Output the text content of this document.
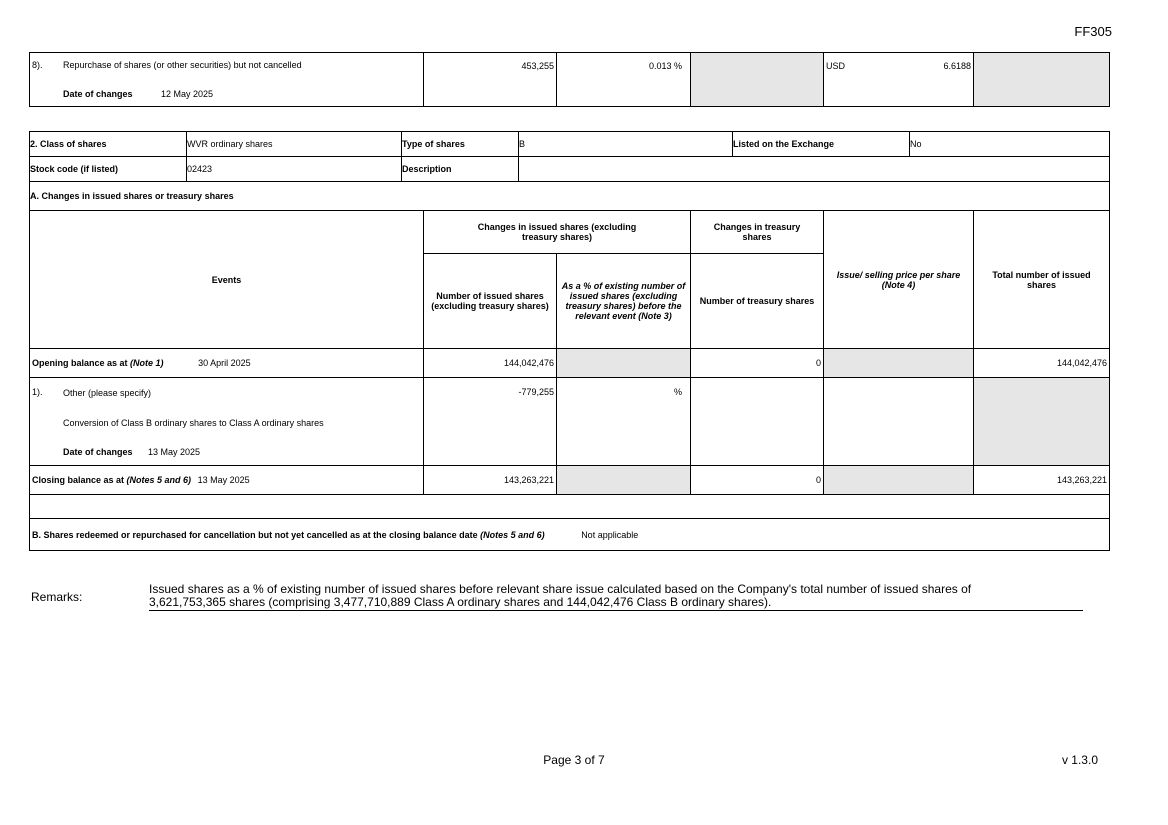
FF305
8). Repurchase of shares (or other securities) but not cancelled
Date of changes	12 May 2025

453,255	0.013 %		USD	6.6188

2. Class of shares	WVR ordinary shares	Type of shares	B	Listed on the Exchange	No
Stock code (if listed)	02423	Description			
A. Changes in issued shares or treasury shares					
Events	Changes in issued shares (excluding treasury shares)		Changes in treasury shares	Issue/ selling price per share (Note 4)	Total number of issued shares
	Number of issued shares (excluding treasury shares)	As a % of existing number of issued shares (excluding treasury shares) before the relevant event (Note 3)	Number of treasury shares		
Opening balance as at (Note 1) 30 April 2025	144,042,476		0		144,042,476

1). Other (please specify)
Conversion of Class B ordinary shares to Class A ordinary shares
Date of changes 13 May 2025	-779,255	%			

Closing balance as at (Notes 5 and 6) 13 May 2025	143,263,221		0		143,263,221

B. Shares redeemed or repurchased for cancellation but not yet cancelled as at the closing balance date (Notes 5 and 6) Not applicable					
Remarks:
Issued shares as a % of existing number of issued shares before relevant share issue calculated based on the Company's total number of issued shares of
3,621,753,365 shares (comprising 3,477,710,889 Class A ordinary shares and 144,042,476 Class B ordinary shares).
Page 3 of 7	v 1.3.0
